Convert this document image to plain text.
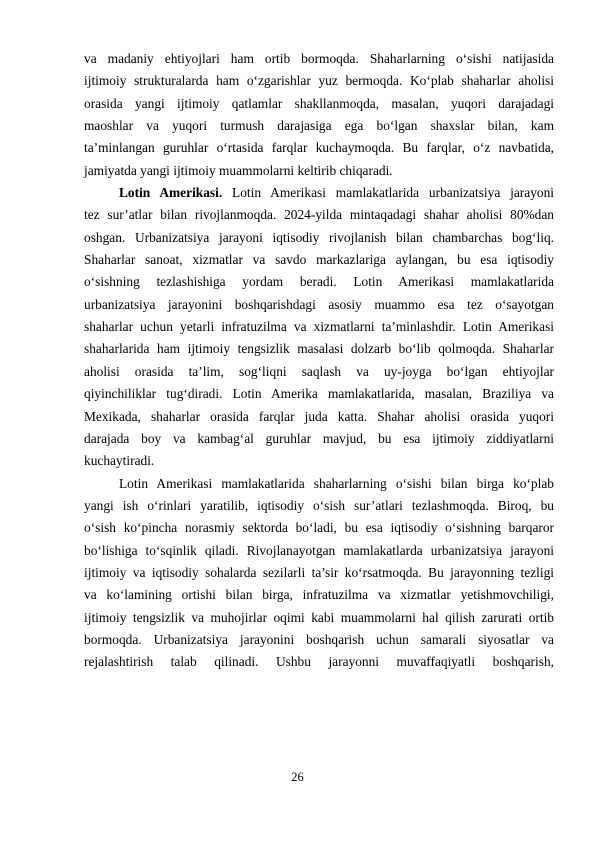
va madaniy ehtiyojlari ham ortib bormoqda. Shaharlarning o‘sishi natijasida
ijtimoiy strukturalarda ham o‘zgarishlar yuz bermoqda. Ko‘plab shaharlar aholisi
orasida yangi ijtimoiy qatlamlar shakllanmoqda, masalan, yuqori darajadagi
maoshlar va yuqori turmush darajasiga ega bo‘lgan shaxslar bilan, kam
ta’minlangan guruhlar o‘rtasida farqlar kuchaymoqda. Bu farqlar, o‘z navbatida,
jamiyatda yangi ijtimoiy muammolarni keltirib chiqaradi.
Lotin Amerikasi. Lotin Amerikasi mamlakatlarida urbanizatsiya jarayoni
tez sur’atlar bilan rivojlanmoqda. 2024-yilda mintaqadagi shahar aholisi 80%dan
oshgan. Urbanizatsiya jarayoni iqtisodiy rivojlanish bilan chambarchas bog‘liq.
Shaharlar sanoat, xizmatlar va savdo markazlariga aylangan, bu esa iqtisodiy
o‘sishning tezlashishiga yordam beradi. Lotin Amerikasi mamlakatlarida
urbanizatsiya jarayonini boshqarishdagi asosiy muammo esa tez o‘sayotgan
shaharlar uchun yetarli infratuzilma va xizmatlarni ta’minlashdir. Lotin Amerikasi
shaharlarida ham ijtimoiy tengsizlik masalasi dolzarb bo‘lib qolmoqda. Shaharlar
aholisi orasida ta’lim, sog‘liqni saqlash va uy-joyga bo‘lgan ehtiyojlar
qiyinchiliklar tug‘diradi. Lotin Amerika mamlakatlarida, masalan, Braziliya va
Mexikada, shaharlar orasida farqlar juda katta. Shahar aholisi orasida yuqori
darajada boy va kambag‘al guruhlar mavjud, bu esa ijtimoiy ziddiyatlarni
kuchaytiradi.
Lotin Amerikasi mamlakatlarida shaharlarning o‘sishi bilan birga ko‘plab
yangi ish o‘rinlari yaratilib, iqtisodiy o‘sish sur’atlari tezlashmoqda. Biroq, bu
o‘sish ko‘pincha norasmiy sektorda bo‘ladi, bu esa iqtisodiy o‘sishning barqaror
bo‘lishiga to‘sqinlik qiladi. Rivojlanayotgan mamlakatlarda urbanizatsiya jarayoni
ijtimoiy va iqtisodiy sohalarda sezilarli ta’sir ko‘rsatmoqda. Bu jarayonning tezligi
va ko‘lamining ortishi bilan birga, infratuzilma va xizmatlar yetishmovchiligi,
ijtimoiy tengsizlik va muhojirlar oqimi kabi muammolarni hal qilish zarurati ortib
bormoqda. Urbanizatsiya jarayonini boshqarish uchun samarali siyosatlar va
rejalashtirish talab qilinadi. Ushbu jarayonni muvaffaqiyatli boshqarish,
26
